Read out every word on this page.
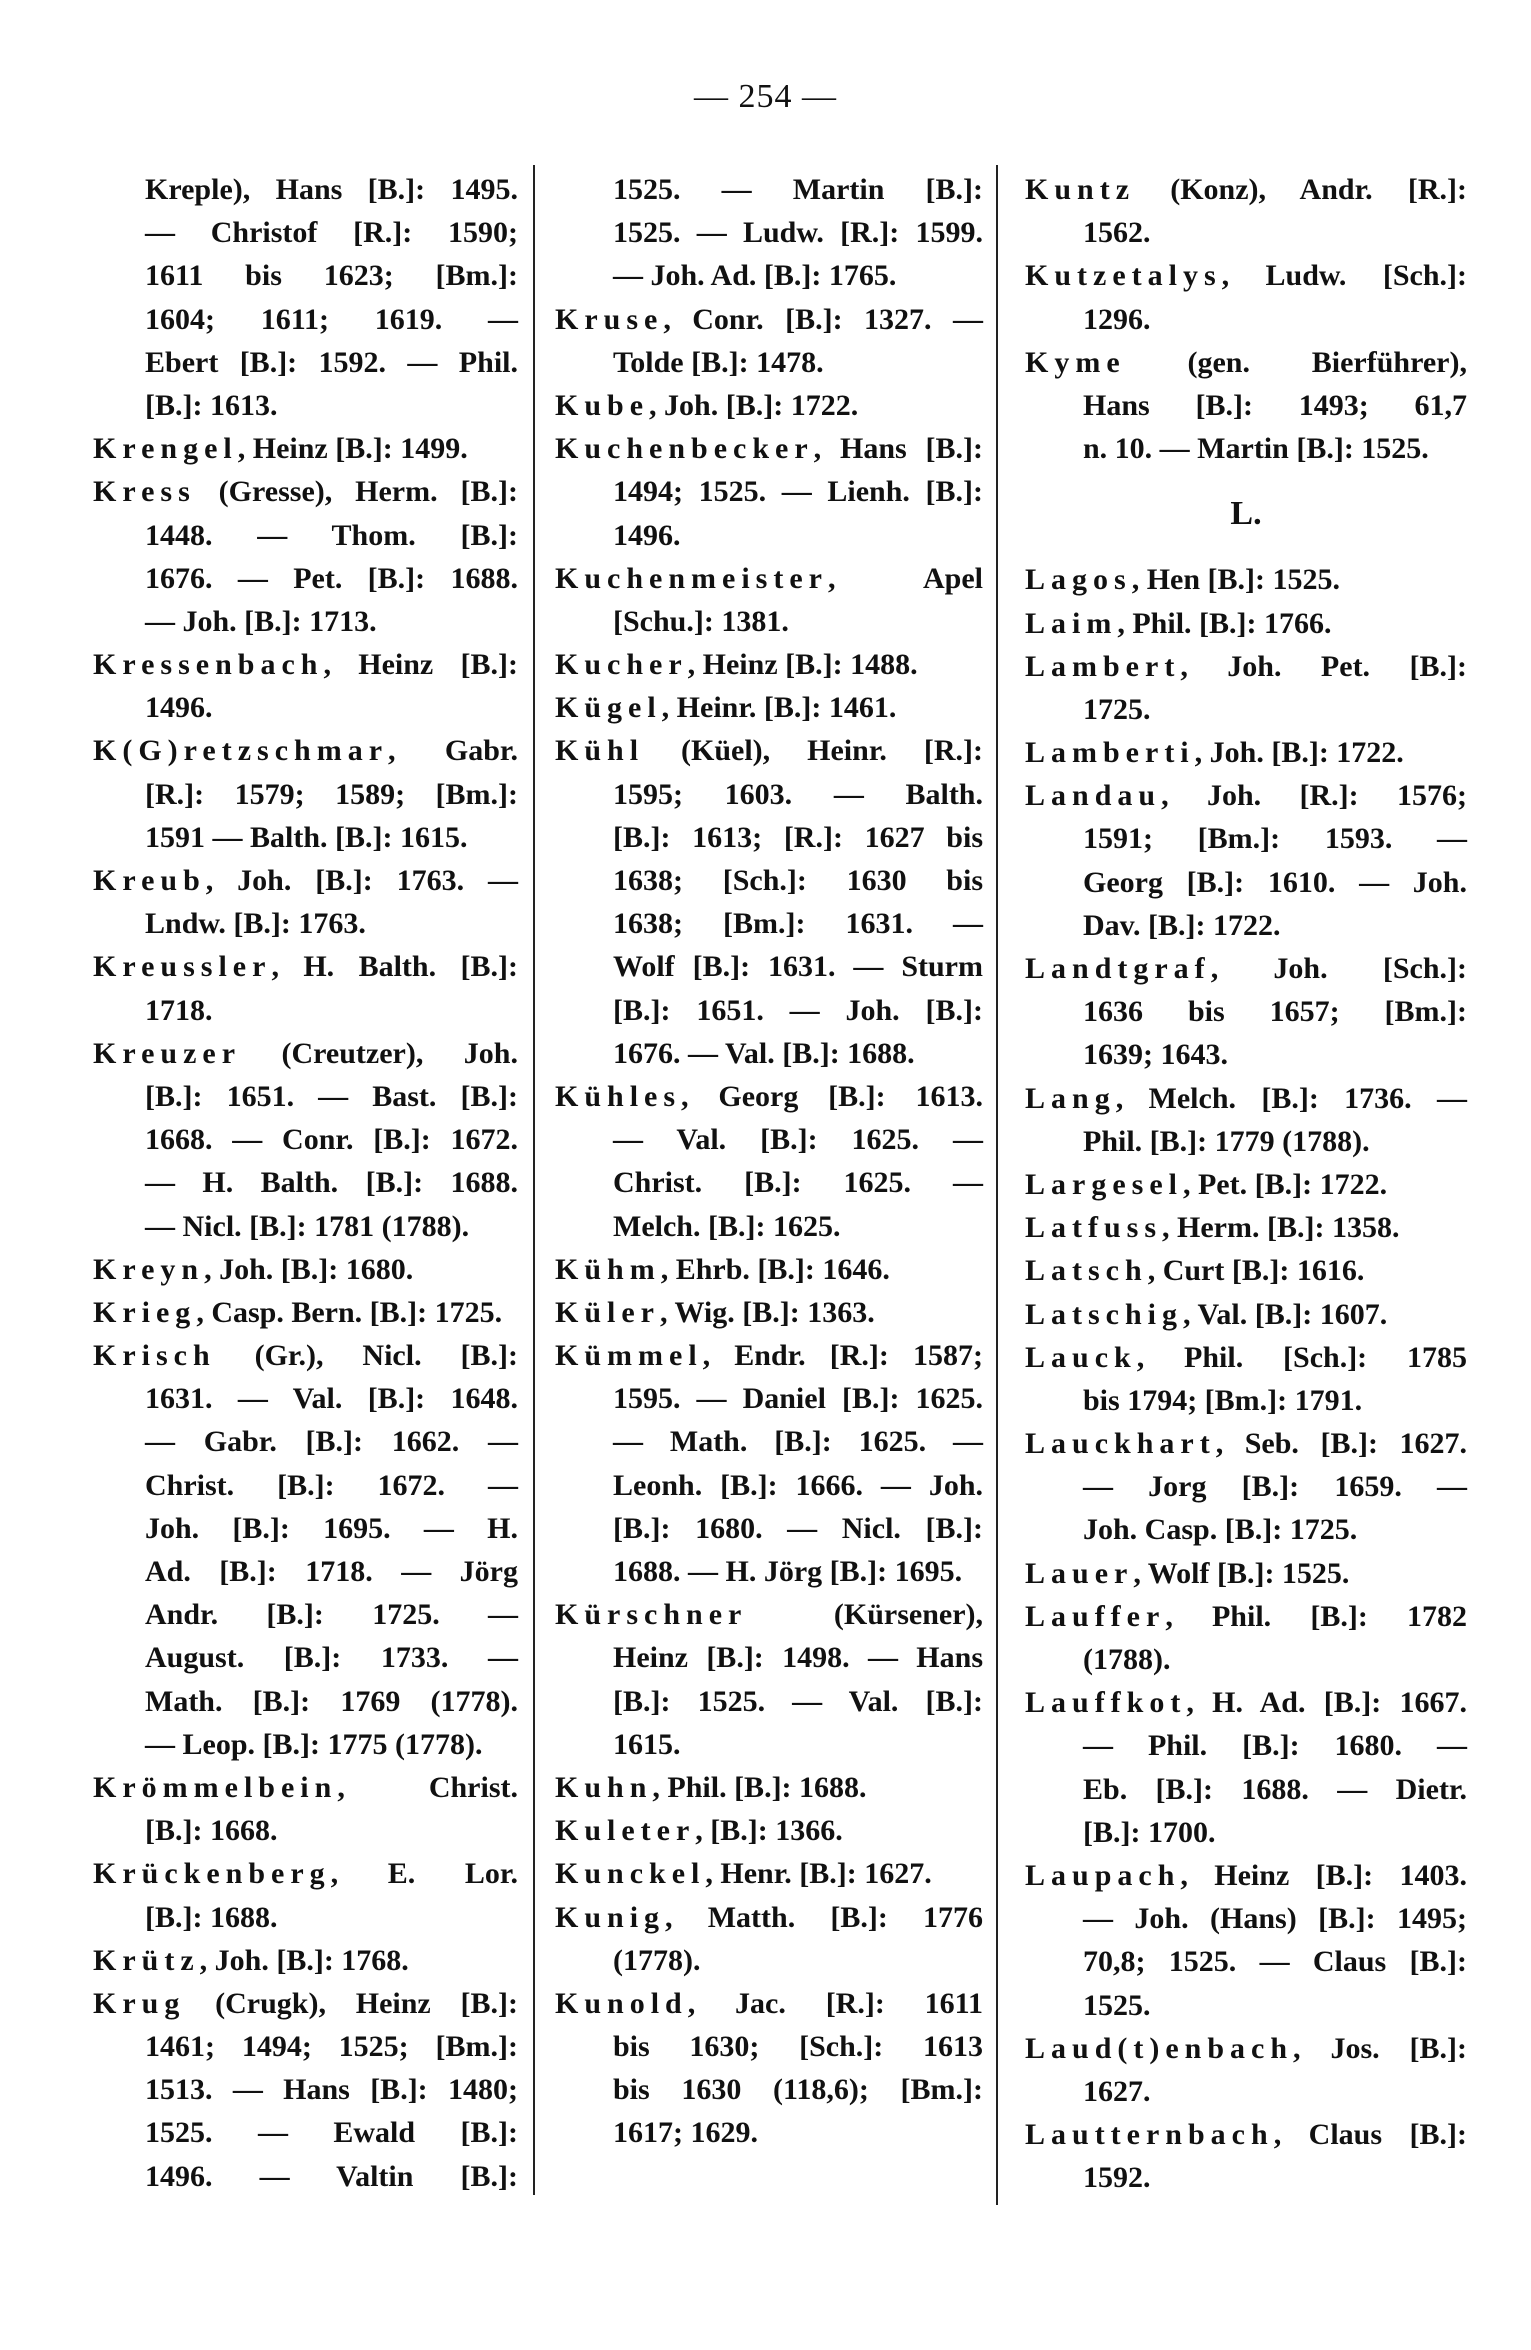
— 254 —
Kreple), Hans [B.]: 1495.
— Christof [R.]: 1590;
1611 bis 1623; [Bm.]:
1604; 1611; 1619. —
Ebert [B.]: 1592. — Phil.
[B.]: 1613.
Krengel, Heinz [B.]: 1499.
Kress (Gresse), Herm. [B.]:
1448. — Thom. [B.]:
1676. — Pet. [B.]: 1688.
— Joh. [B.]: 1713.
Kressenbach, Heinz [B.]:
1496.
K(G)retzschmar, Gabr.
[R.]: 1579; 1589; [Bm.]:
1591 — Balth. [B.]: 1615.
Kreub, Joh. [B.]: 1763. —
Lndw. [B.]: 1763.
Kreussler, H. Balth. [B.]:
1718.
Kreuzer (Creutzer), Joh.
[B.]: 1651. — Bast. [B.]:
1668. — Conr. [B.]: 1672.
— H. Balth. [B.]: 1688.
— Nicl. [B.]: 1781 (1788).
Kreyn, Joh. [B.]: 1680.
Krieg, Casp. Bern. [B.]: 1725.
Krisch (Gr.), Nicl. [B.]:
1631. — Val. [B.]: 1648.
— Gabr. [B.]: 1662. —
Christ. [B.]: 1672. —
Joh. [B.]: 1695. — H.
Ad. [B.]: 1718. — Jörg
Andr. [B.]: 1725. —
August. [B.]: 1733. —
Math. [B.]: 1769 (1778).
— Leop. [B.]: 1775 (1778).
Krömmelbein, Christ.
[B.]: 1668.
Krückenberg, E. Lor.
[B.]: 1688.
Krütz, Joh. [B.]: 1768.
Krug (Crugk), Heinz [B.]:
1461; 1494; 1525; [Bm.]:
1513. — Hans [B.]: 1480;
1525. — Ewald [B.]:
1496. — Valtin [B.]:
1525. — Martin [B.]:
1525. — Ludw. [R.]: 1599.
— Joh. Ad. [B.]: 1765.
Kruse, Conr. [B.]: 1327. —
Tolde [B.]: 1478.
Kube, Joh. [B.]: 1722.
Kuchenbecker, Hans [B.]:
1494; 1525. — Lienh. [B.]:
1496.
Kuchenmeister, Apel
[Schu.]: 1381.
Kucher, Heinz [B.]: 1488.
Kügel, Heinr. [B.]: 1461.
Kühl (Küel), Heinr. [R.]:
1595; 1603. — Balth.
[B.]: 1613; [R.]: 1627 bis
1638; [Sch.]: 1630 bis
1638; [Bm.]: 1631. —
Wolf [B.]: 1631. — Sturm
[B.]: 1651. — Joh. [B.]:
1676. — Val. [B.]: 1688.
Kühles, Georg [B.]: 1613.
— Val. [B.]: 1625. —
Christ. [B.]: 1625. —
Melch. [B.]: 1625.
Kühm, Ehrb. [B.]: 1646.
Küler, Wig. [B.]: 1363.
Kümmel, Endr. [R.]: 1587;
1595. — Daniel [B.]: 1625.
— Math. [B.]: 1625. —
Leonh. [B.]: 1666. — Joh.
[B.]: 1680. — Nicl. [B.]:
1688. — H. Jörg [B.]: 1695.
Kürschner (Kürsener),
Heinz [B.]: 1498. — Hans
[B.]: 1525. — Val. [B.]:
1615.
Kuhn, Phil. [B.]: 1688.
Kuleter, [B.]: 1366.
Kunckel, Henr. [B.]: 1627.
Kunig, Matth. [B.]: 1776
(1778).
Kunold, Jac. [R.]: 1611
bis 1630; [Sch.]: 1613
bis 1630 (118,6); [Bm.]:
1617; 1629.
Kuntz (Konz), Andr. [R.]:
1562.
Kutzetalys, Ludw. [Sch.]:
1296.
Kyme (gen. Bierführer),
Hans [B.]: 1493; 61,7
n. 10. — Martin [B.]: 1525.
L.
Lagos, Hen [B.]: 1525.
Laim, Phil. [B.]: 1766.
Lambert, Joh. Pet. [B.]:
1725.
Lamberti, Joh. [B.]: 1722.
Landau, Joh. [R.]: 1576;
1591; [Bm.]: 1593. —
Georg [B.]: 1610. — Joh.
Dav. [B.]: 1722.
Landtgraf, Joh. [Sch.]:
1636 bis 1657; [Bm.]:
1639; 1643.
Lang, Melch. [B.]: 1736. —
Phil. [B.]: 1779 (1788).
Largesel, Pet. [B.]: 1722.
Latfuss, Herm. [B.]: 1358.
Latsch, Curt [B.]: 1616.
Latschig, Val. [B.]: 1607.
Lauck, Phil. [Sch.]: 1785
bis 1794; [Bm.]: 1791.
Lauckhart, Seb. [B.]: 1627.
— Jorg [B.]: 1659. —
Joh. Casp. [B.]: 1725.
Lauer, Wolf [B.]: 1525.
Lauffer, Phil. [B.]: 1782
(1788).
Lauffkot, H. Ad. [B.]: 1667.
— Phil. [B.]: 1680. —
Eb. [B.]: 1688. — Dietr.
[B.]: 1700.
Laupach, Heinz [B.]: 1403.
— Joh. (Hans) [B.]: 1495;
70,8; 1525. — Claus [B.]:
1525.
Laud(t)enbach, Jos. [B.]:
1627.
Lautternbach, Claus [B.]:
1592.
